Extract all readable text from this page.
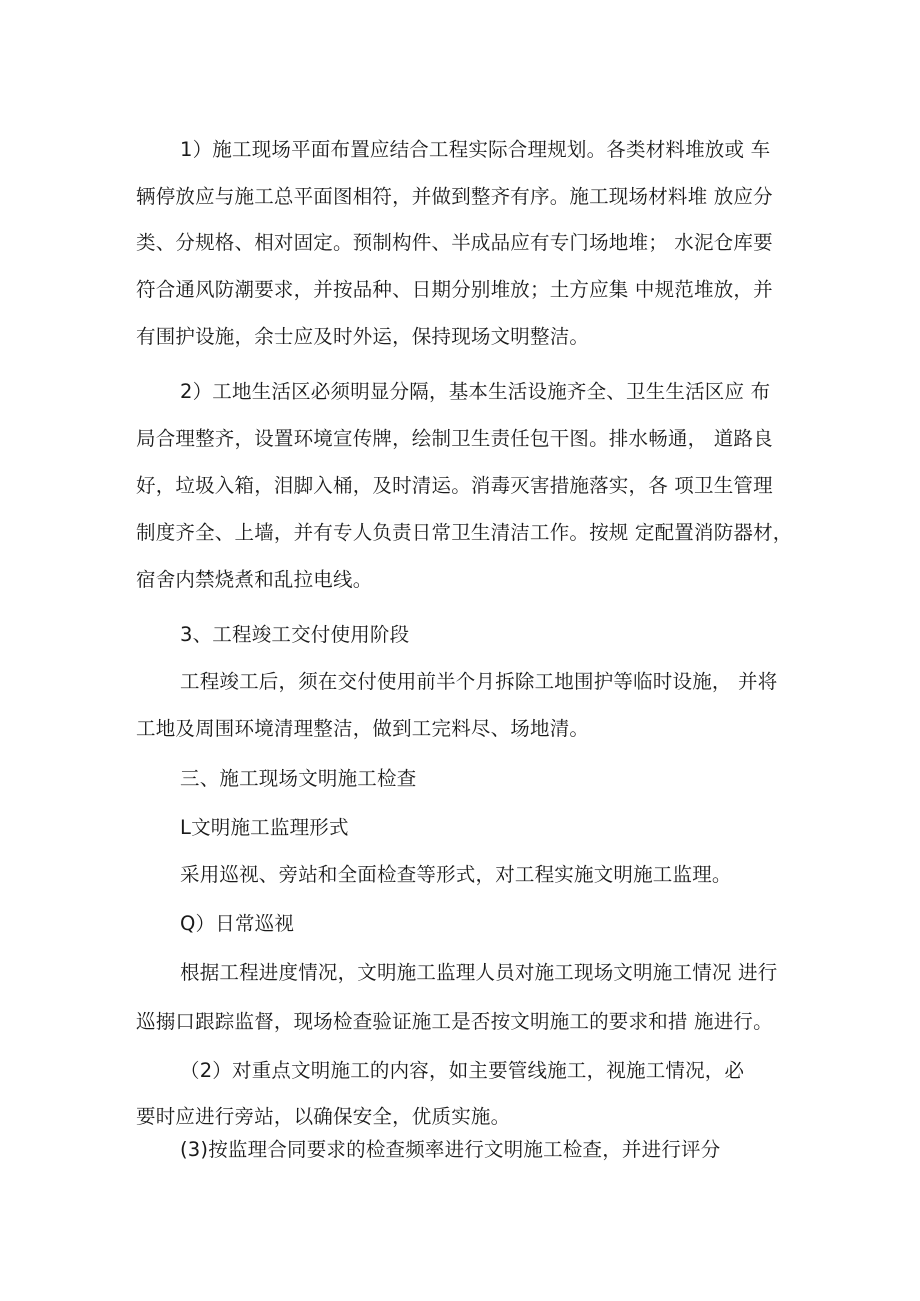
1）施工现场平面布置应结合工程实际合理规划。各类材料堆放或 车
辆停放应与施工总平面图相符，并做到整齐有序。施工现场材料堆 放应分
类、分规格、相对固定。预制构件、半成品应有专门场地堆； 水泥仓库要
符合通风防潮要求，并按品种、日期分别堆放；土方应集 中规范堆放，并
有围护设施，余士应及时外运，保持现场文明整洁。
2）工地生活区必须明显分隔，基本生活设施齐全、卫生生活区应 布
局合理整齐，设置环境宣传牌，绘制卫生责任包干图。排水畅通， 道路良
好，垃圾入箱，泪脚入桶，及时清运。消毒灭害措施落实，各 项卫生管理
制度齐全、上墙，并有专人负责日常卫生清洁工作。按规 定配置消防器材，
宿舍内禁烧煮和乱拉电线。
3、工程竣工交付使用阶段
工程竣工后，须在交付使用前半个月拆除工地围护等临时设施， 并将
工地及周围环境清理整洁，做到工完料尽、场地清。
三、施工现场文明施工检查
L文明施工监理形式
采用巡视、旁站和全面检查等形式，对工程实施文明施工监理。
Q）日常巡视
根据工程进度情况，文明施工监理人员对施工现场文明施工情况 进行
巡搦口跟踪监督，现场检查验证施工是否按文明施工的要求和措 施进行。
（2）对重点文明施工的内容，如主要管线施工，视施工情况，必
要时应进行旁站，以确保安全，优质实施。
(3)按监理合同要求的检查频率进行文明施工检查，并进行评分
